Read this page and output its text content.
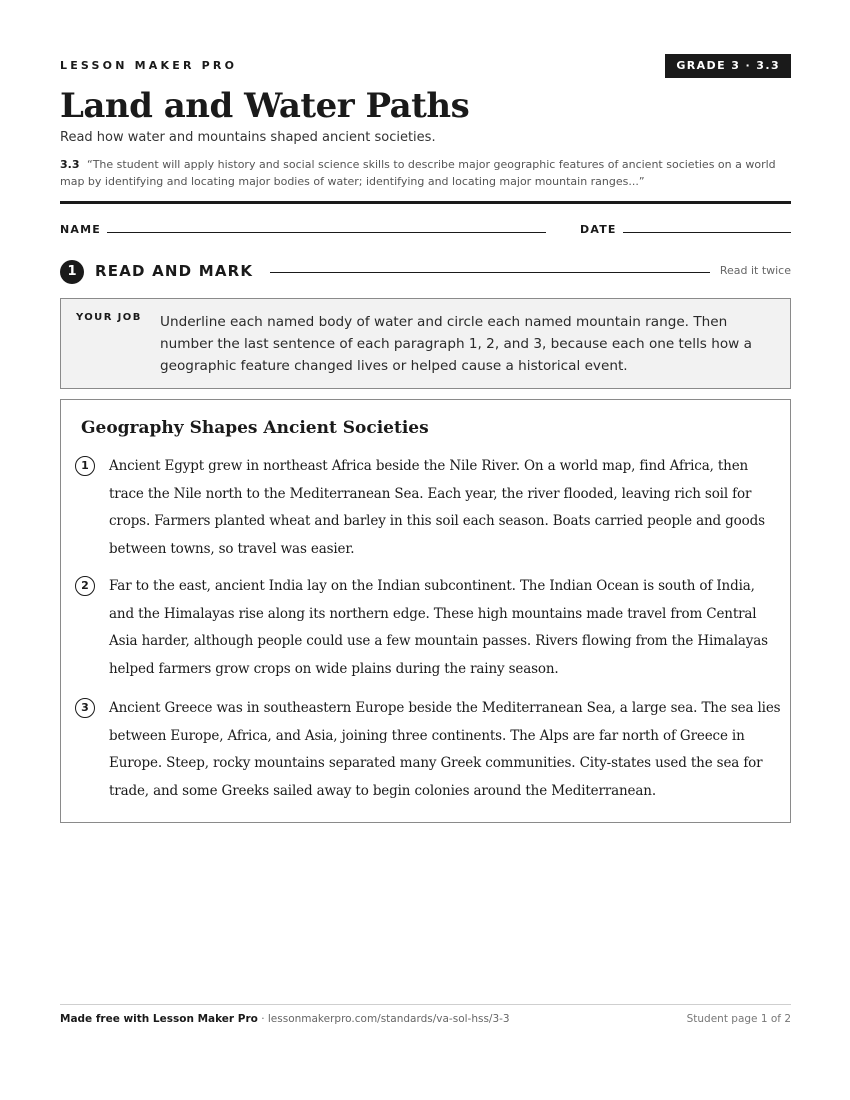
LESSON MAKER PRO	GRADE 3 · 3.3
Land and Water Paths
Read how water and mountains shaped ancient societies.
3.3 “The student will apply history and social science skills to describe major geographic features of ancient societies on a world map by identifying and locating major bodies of water; identifying and locating major mountain ranges...”
NAME	DATE
1	READ AND MARK	Read it twice
YOUR JOB Underline each named body of water and circle each named mountain range. Then number the last sentence of each paragraph 1, 2, and 3, because each one tells how a geographic feature changed lives or helped cause a historical event.
Geography Shapes Ancient Societies
1	Ancient Egypt grew in northeast Africa beside the Nile River. On a world map, find Africa, then trace the Nile north to the Mediterranean Sea. Each year, the river flooded, leaving rich soil for crops. Farmers planted wheat and barley in this soil each season. Boats carried people and goods between towns, so travel was easier.
2	Far to the east, ancient India lay on the Indian subcontinent. The Indian Ocean is south of India, and the Himalayas rise along its northern edge. These high mountains made travel from Central Asia harder, although people could use a few mountain passes. Rivers flowing from the Himalayas helped farmers grow crops on wide plains during the rainy season.
3	Ancient Greece was in southeastern Europe beside the Mediterranean Sea, a large sea. The sea lies between Europe, Africa, and Asia, joining three continents. The Alps are far north of Greece in Europe. Steep, rocky mountains separated many Greek communities. City-states used the sea for trade, and some Greeks sailed away to begin colonies around the Mediterranean.
Made free with Lesson Maker Pro · lessonmakerpro.com/standards/va-sol-hss/3-3	Student page 1 of 2
